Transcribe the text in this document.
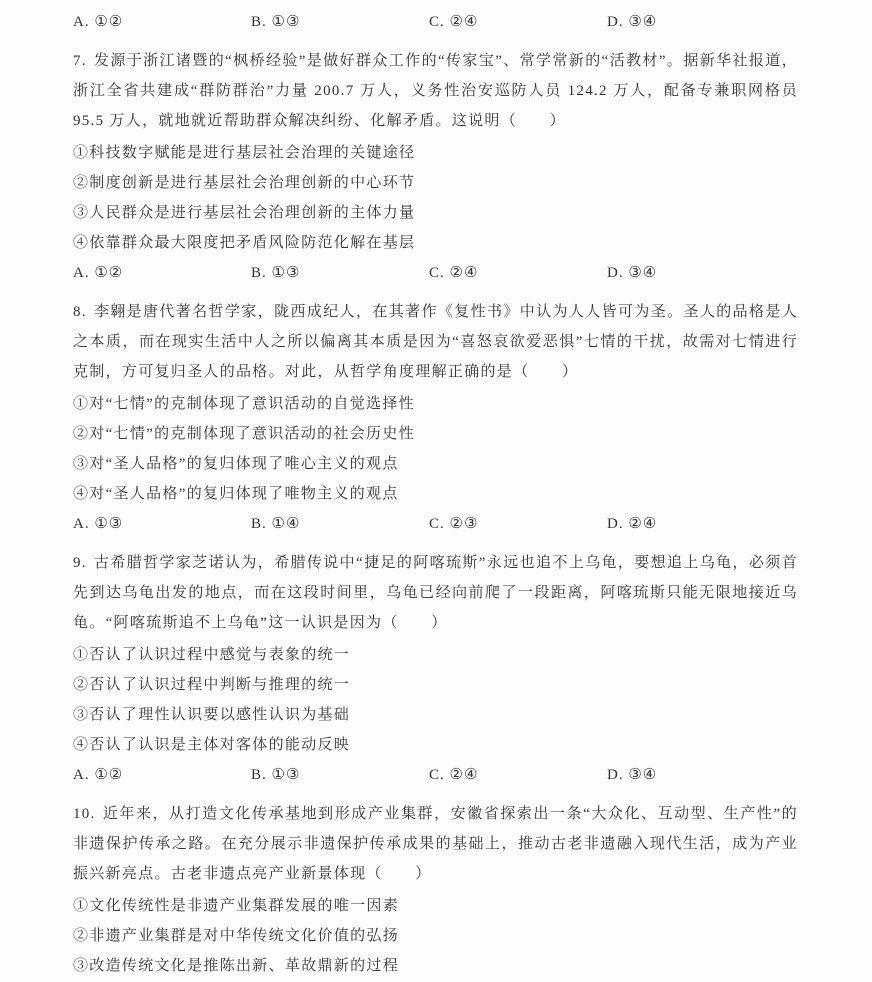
A. ①②	B. ①③	C. ②④	D. ③④

7. 发源于浙江诸暨的“枫桥经验”是做好群众工作的“传家宝”、常学常新的“活教材”。据新华社报道，浙江全省共建成“群防群治”力量 200.7 万人，义务性治安巡防人员 124.2 万人，配备专兼职网格员 95.5 万人，就地就近帮助群众解决纠纷、化解矛盾。这说明（　　）

①科技数字赋能是进行基层社会治理的关键途径

②制度创新是进行基层社会治理创新的中心环节

③人民群众是进行基层社会治理创新的主体力量

④依靠群众最大限度把矛盾风险防范化解在基层

A. ①②	B. ①③	C. ②④	D. ③④

8. 李翱是唐代著名哲学家，陇西成纪人，在其著作《复性书》中认为人人皆可为圣。圣人的品格是人之本质，而在现实生活中人之所以偏离其本质是因为“喜怒哀欲爱恶惧”七情的干扰，故需对七情进行克制，方可复归圣人的品格。对此，从哲学角度理解正确的是（　　）

①对“七情”的克制体现了意识活动的自觉选择性

②对“七情”的克制体现了意识活动的社会历史性

③对“圣人品格”的复归体现了唯心主义的观点

④对“圣人品格”的复归体现了唯物主义的观点

A. ①③	B. ①④	C. ②③	D. ②④

9. 古希腊哲学家芝诺认为，希腊传说中“捷足的阿喀琉斯”永远也追不上乌龟，要想追上乌龟，必须首先到达乌龟出发的地点，而在这段时间里，乌龟已经向前爬了一段距离，阿喀琉斯只能无限地接近乌龟。“阿喀琉斯追不上乌龟”这一认识是因为（　　）

①否认了认识过程中感觉与表象的统一

②否认了认识过程中判断与推理的统一

③否认了理性认识要以感性认识为基础

④否认了认识是主体对客体的能动反映

A. ①②	B. ①③	C. ②④	D. ③④

10. 近年来，从打造文化传承基地到形成产业集群，安徽省探索出一条“大众化、互动型、生产性”的非遗保护传承之路。在充分展示非遗保护传承成果的基础上，推动古老非遗融入现代生活，成为产业振兴新亮点。古老非遗点亮产业新景体现（　　）

①文化传统性是非遗产业集群发展的唯一因素

②非遗产业集群是对中华传统文化价值的弘扬

③改造传统文化是推陈出新、革故鼎新的过程
